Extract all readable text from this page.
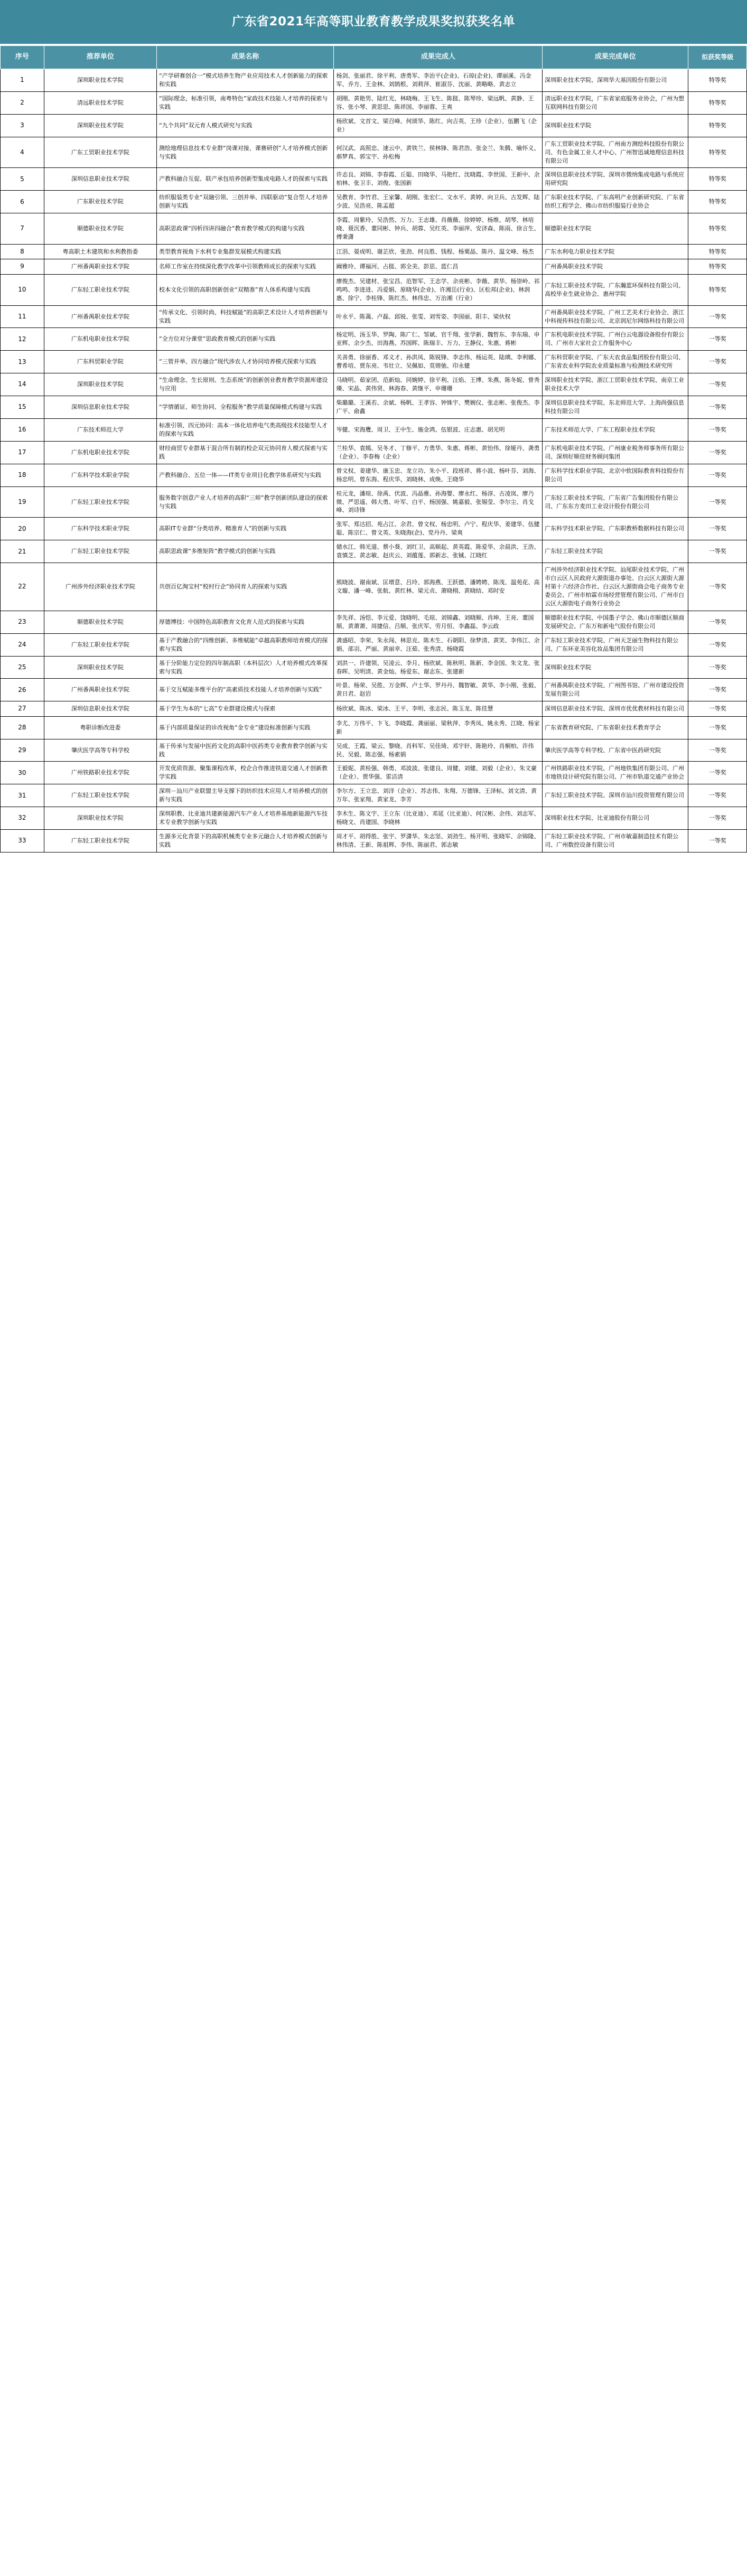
广东省2021年高等职业教育教学成果奖拟获奖名单
序号	推荐单位	成果名称	成果完成人	成果完成单位	拟获奖等级
1	深圳职业技术学院	“产学研赛创合一”模式培养生物产业应用技术人才创新能力的探索和实践	杨剑、张丽君、徐平利、唐勇军、李治平(企业)、石琼(企业)、谭丽溪、冯金军、乔方、王金林、刘鹄根、刘莉萍、崔淑芬、沈丽、黄略略、黄志立	深圳职业技术学院、深圳华大基因股份有限公司	特等奖
2	清远职业技术学院	“国际理念，标准引领，南粤特色”家政技术技能人才培养的探索与实践	胡刚、黄艳男、陆红光、林晓梅、王飞生、陈挺、陈琴珍、梁远帆、黄静、王容、张小琴、黄思思、陈祥国、李丽蓉、王爽	清远职业技术学院，广东省家庭服务业协会，广州为想互联网科技有限公司	特等奖
3	深圳职业技术学院	“九个共同”双元育人模式研究与实践	杨欣斌、文首文、梁召峰、何颂华、陈红、向吉英、王珍（企业）、伍鹏飞（企业）	深圳职业技术学院	特等奖
4	广东工贸职业技术学院	测绘地理信息技术专业群“岗课对接、课赛研创”人才培养模式创新与实践	何汉武、高照忠、速云中、黄铁兰、侯林锋、陈君浩、张金兰、朱腾、喻怀义、郝梦真、郭宝宇、孙松梅	广东工贸职业技术学院、广州南方测绘科技股份有限公司、有色金属工业人才中心、广州智迅诚地理信息科技有限公司	特等奖
5	深圳信息职业技术学院	产教科融合互促、联产承包培养创新型集成电路人才的探索与实践	许志良、刘锦、李春霞、丘聪、田晓华、马艳红、沈晓霞、李世国、王新中、余柏林、张卫丰、刘俊、张国新	深圳信息职业技术学院、深圳市微纳集成电路与系统应用研究院	特等奖
6	广东职业技术学院	纺织服装类专业“双融引领、三创并举、四联驱动”复合型人才培养创新与实践	吴教育、李竹君、王家馨、胡刚、张宏仁、文水平、黄婷、向卫兵、古发辉、陆少波、吴浩亮、陈孟超	广东职业技术学院、广东高明产业创新研究院、广东省纺织工程学会、佛山市纺织服装行业协会	特等奖
7	顺德职业技术学院	高职思政课“四析四讲四融合”教育教学模式的构建与实践	李霞、周紫玲、吴浩然、万力、王志雄、肖薇薇、徐婷婷、杨维、胡琴、林培晓、聂沉香、董同彬、钟兵、胡蓉、吴红英、李丽萍、安济森、陈雨、徐言生、傅秉潇	顺德职业技术学院	特等奖
8	粤高职土木建筑和水利教指委	类型教育视角下水利专业集群发展模式构建实践	江涓、晏成明、谢芷欣、张劲、何良胜、钱程、杨栗晶、陈丹、温文峰、杨杰	广东水利电力职业技术学院	特等奖
9	广州番禺职业技术学院	名师工作室在持续深化教学改革中引领教师成长的探索与实践	阚雅玲、谭福河、占挺、郭全美、彭思、蓝仁昌	广州番禺职业技术学院	特等奖
10	广东轻工职业技术学院	校本文化引领的高职创新创业“双精准”育人体系构建与实践	廖俊杰、吴建材、张宝昌、范智军、王志学、余亮彬、李薇、黄华、杨崇岭、祁鸣鸣、李进进、冯爱娟、原晓华(企业)、许湘岳(行业)、区松邦(企业)、林润惠、徐宁、李桂锋、陈红杰、林伟忠、万治湘（行业）	广东轻工职业技术学院、广东瀚蓝环保科技有限公司、高校毕业生就业协会、惠州学院	特等奖
11	广州番禺职业技术学院	“传承文化、引领时尚、科技赋能”的高职艺术设计人才培养创新与实践	叶永平、陈蔼、卢磊、邱锐、张雯、刘雪姿、李国丽、阳丰、梁伙权	广州番禺职业技术学院、广州工艺美术行业协会、浙江中科视传科技有限公司、北京润尼尔网络科技有限公司	一等奖
12	广东机电职业技术学院	“全方位对分课堂”思政教育模式的创新与实践	杨定明、汤玉华、罗陶、陈广仁、邹斌、官千翔、张学新、魏哲东、李东瑞、申亚辉、余少杰、田海燕、苏国晖、陈瑞丰、万力、王静仪、朱惠、蒋彬	广东机电职业技术学院、广州白云电器设备股份有限公司、广州市大家社会工作服务中心	一等奖
13	广东科贸职业学院	“三管并举、四方融合”现代涉农人才协同培养模式探索与实践	关善勇、徐丽香、邓义才、孙洪凤、陈锐锋、李志伟、杨运英、陆璃、李利娜、曹希培、贾东亮、韦壮立、吴佩如、莫镕弛、印永健	广东科贸职业学院、广东天农食品集团股份有限公司、广东省农业科学院农业质量标准与检测技术研究所	一等奖
14	深圳职业技术学院	“生命理念、生长原则、生态系统”的创新创业教育教学资源库建设与应用	马晓明、茹家团、范新灿、同婉婷、徐平利、汪焰、王博、朱燕、陈冬妮、曾秀臻、宋晶、黄伟贤、林海春、黄继平、申珊珊	深圳职业技术学院、浙江工贸职业技术学院、南京工业职业技术大学	一等奖
15	深圳信息职业技术学院	“学情循证、师生协同、全程服务”教学质量保障模式构建与实践	柴璐璐、王溪若、余斌、杨帆、王孝容、钟姝宇、樊婉仪、张志彬、张俊杰、李广平、俞鑫	深圳信息职业技术学院、东北师范大学、上海尚强信息科技有限公司	一等奖
16	广东技术师范大学	标准引领、四元协同：高本一体化培养电气类高级技术技能型人才的探索与实践	岑健、宋海鹰、周卫、王中生、施金鸿、伍银波、庄志惠、胡光明	广东技术师范大学、广东工程职业技术学院	一等奖
17	广东机电职业技术学院	财经商贸专业群基于混合所有制的校企双元协同育人模式探索与实践	兰桂华、袁嫣、吴冬才、丁修平、方勇华、朱惠、蒋彬、黄怡伟、徐娅丹、龚勇（企业）、李春梅（企业）	广东机电职业技术学院、广州康业税务师事务所有限公司、深圳好顺佳财务顾问集团	一等奖
18	广东科学技术职业学院	产教科融合、五位一体——IT类专业项目化教学体系研究与实践	曾文权、姜建华、康玉忠、龙立功、朱小平、段班祥、蒋小波、杨叶芬、刘海、杨忠明、曾东海、程庆华、刘晓林、成焕、王晓华	广东科学技术职业学院、北京中软国际教育科技股份有限公司	一等奖
19	广东轻工职业技术学院	服务数字创意产业人才培养的高职“三师”教学创新团队建设的探索与实践	桂元龙，潘琼、徐禹、伏波、冯晶雅、孙海婴、廖永红、杨淳、古凌岚、廖乃徵、严思遥、韩大勇、叶军、白平、杨国强、姚嘉毅、张锡莹、李尔尘、肖戈峰、刘诗锋	广东轻工职业技术学院、广东省广告集团股份有限公司、广东东方麦田工业设计股份有限公司	一等奖
20	广东科学技术职业学院	高职IT专业群“分类培养、精准育人”的创新与实践	张军、郑达招、苑占江、余君、曾文权、杨忠明、卢宁、程庆华、姜建华、伍健聪、陈宗仁、曾文英、朱晓海(企)、党丹丹、梁爽	广东科学技术职业学院、广东职教桥数据科技有限公司	一等奖
21	广东轻工职业技术学院	高职思政课“多维矩阵”教学模式的创新与实践	储水江、韩光道、蔡小葵、刘红卫、高顺起、黄英霞、陈爱华、余晨洪、王浩、袁慎芝、黄志敏、赵庆云、刘蕴莲、郭新志、张铖、江晓红	广东轻工职业技术学院	一等奖
22	广州涉外经济职业技术学院	共创百亿淘宝村“校村行企”协同育人的探索与实践	熊晓波、谢南斌、匡增意、吕玲、郭海燕、王跃德、潘娉娉、陈茂、温苑花、高文璇、潘一峰、张航、黄红林、梁元贞、萧晓栩、黄晓结、邓时安	广州涉外经济职业技术学院、汕尾职业技术学院、广州市白云区人民政府大源街道办事处、白云区大源街大源村第十六经济合作社、白云区大源街商会电子商务专业委员会、广州市柏霖市场经营管理有限公司、广州市白云区大源街电子商务行业协会	一等奖
23	顺德职业技术学院	厚德博技：中国特色高职教育文化育人范式的探索与实践	李先祥、汤恺、李元爱、饶晓明、毛琼、刘锦鑫、刘晓顺、肖坤、王亮、董国顺、黄萧萧、周捷信、吕顺、张庆军、劳月恒、李鑫磊、李云政	顺德职业技术学院、中国墨子学会、佛山市顺德区顺商发展研究会、广东万和新电气股份有限公司	一等奖
24	广东轻工职业技术学院	基于产教融合的“四维创新、多维赋能”卓越高职教师培育模式的探索与实践	龚盛昭、李荣、朱永闯、林思克、陈木生、石朝阳、徐梦清、黄笑、李伟江、余娟、邵羽、严丽、黄丽幸、汪茹、张秀清、杨晓霞	广东轻工职业技术学院、广州天芝丽生物科技有限公司、广东环亚美容化妆品集团有限公司	一等奖
25	深圳职业技术学院	基于分阶能力定位的四年制高职（本科层次）人才培养模式改革探索与实践	刘洪一、许建领、吴凌云、李月、杨欣斌、陈秋明、陈新、李金国、朱文龙、张春晖、吴明清、黄金灿、杨爱东、谢志东、张建新	深圳职业技术学院	一等奖
26	广州番禺职业技术学院	基于交互赋能多维平台的“高素质技术技能人才培养创新与实践”	叶景、杨荣、吴胜、万金辉、卢士华、罗丹丹、魏智敏、黄华、李小刚、张毅、黄日君、赵岩	广州番禺职业技术学院、广州图书馆、广州市建设投资发展有限公司	一等奖
27	深圳信息职业技术学院	基于学生为本的“七高”专业群建设模式与探索	杨欣斌、陈冰、梁冰、王平、李明、张志民、陈玉龙、陈佳慧	深圳信息职业技术学院、深圳市优优教材科技有限公司	一等奖
28	粤职诊断改进委	基于内部质量保证的诊改视角“金专业”建设标准创新与实践	李尤、万伟平、卞飞、李晓霞、龚丽丽、梁秋萍、李秀凤、姚永秀、江晓、杨家新	广东省教育研究院、广东省职业技术教育学会	一等奖
29	肇庆医学高等专科学校	基于传承与发展中医药文化的高职中医药类专业教育教学创新与实践	吴成、王霞、梁云、黎晓、肖科军、吴佳琦、邓宇轩、陈艳玲、肖桐柏、许伟民、吴毅、陈志强、杨素娟	肇庆医学高等专科学校、广东省中医药研究院	一等奖
30	广州铁路职业技术学院	开发优质资源、聚集课程改革，校企合作推进铁道交通人才创新教学实践	王毅妮、黄桂强、韩勇、邓波波、张建良、周健、刘健、刘毅（企业）、朱文豪（企业）、贾华强、雷洁清	广州铁路职业技术学院、广州地铁集团有限公司、广州市地铁设计研究院有限公司、广州市轨道交通产业协会	一等奖
31	广东轻工职业技术学院	深圳－汕川产业联盟主导支撑下的纺织技术应用人才培养模式的创新与实践	李尔方、王立忠、刘洋（企业）、苏志伟、朱翔、万德锋、王泽标、刘文清、黄万年、张家翔、黄家龙、李芳	广东轻工职业技术学院、深圳市汕川投资管理有限公司	一等奖
32	深圳职业技术学院	深圳职教、比亚迪共建新能源汽车产业人才培养基地新能源汽车技术专业教学创新与实践	李木生、陈文宇、王立东（比亚迪）、邓延（比亚迪）、何汉彬、余伟、刘志军、杨晓文、肖建国、李晓林	深圳职业技术学院、比亚迪股份有限公司	一等奖
33	广东轻工职业技术学院	生源多元化背景下的高职机械类专业多元融合人才培养模式创新与实践	周才平、胡得胜、张宇、罗潇华、朱志坚、刘劲生、杨开明、张晓军、余锦隆、林伟清、王新、陈祖辉、李伟、陈丽君、郭志敏	广东轻工职业技术学院、广州市敏嘉制造技术有限公司、广州数控设备有限公司	一等奖
